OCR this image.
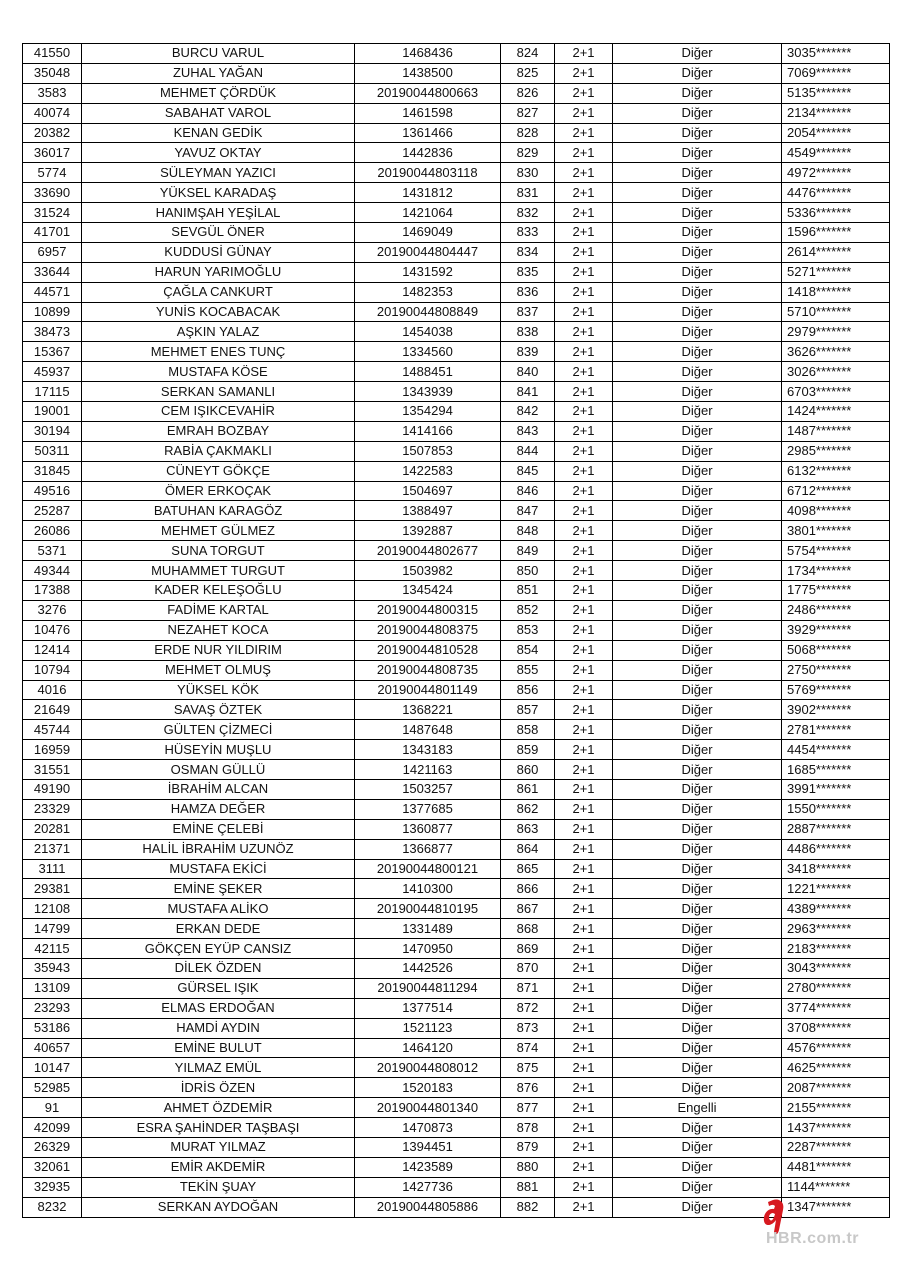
41550	BURCU VARUL	1468436	824	2+1	Diğer	3035*******
35048	ZUHAL YAĞAN	1438500	825	2+1	Diğer	7069*******
3583	MEHMET ÇÖRDÜK	20190044800663	826	2+1	Diğer	5135*******
40074	SABAHAT VAROL	1461598	827	2+1	Diğer	2134*******
20382	KENAN GEDİK	1361466	828	2+1	Diğer	2054*******
36017	YAVUZ OKTAY	1442836	829	2+1	Diğer	4549*******
5774	SÜLEYMAN YAZICI	20190044803118	830	2+1	Diğer	4972*******
33690	YÜKSEL KARADAŞ	1431812	831	2+1	Diğer	4476*******
31524	HANIMŞAH YEŞİLAL	1421064	832	2+1	Diğer	5336*******
41701	SEVGÜL ÖNER	1469049	833	2+1	Diğer	1596*******
6957	KUDDUSİ GÜNAY	20190044804447	834	2+1	Diğer	2614*******
33644	HARUN YARIMOĞLU	1431592	835	2+1	Diğer	5271*******
44571	ÇAĞLA CANKURT	1482353	836	2+1	Diğer	1418*******
10899	YUNİS KOCABACAK	20190044808849	837	2+1	Diğer	5710*******
38473	AŞKIN YALAZ	1454038	838	2+1	Diğer	2979*******
15367	MEHMET ENES TUNÇ	1334560	839	2+1	Diğer	3626*******
45937	MUSTAFA KÖSE	1488451	840	2+1	Diğer	3026*******
17115	SERKAN SAMANLI	1343939	841	2+1	Diğer	6703*******
19001	CEM IŞIKCEVAHİR	1354294	842	2+1	Diğer	1424*******
30194	EMRAH BOZBAY	1414166	843	2+1	Diğer	1487*******
50311	RABİA ÇAKMAKLI	1507853	844	2+1	Diğer	2985*******
31845	CÜNEYT GÖKÇE	1422583	845	2+1	Diğer	6132*******
49516	ÖMER ERKOÇAK	1504697	846	2+1	Diğer	6712*******
25287	BATUHAN KARAGÖZ	1388497	847	2+1	Diğer	4098*******
26086	MEHMET GÜLMEZ	1392887	848	2+1	Diğer	3801*******
5371	SUNA TORGUT	20190044802677	849	2+1	Diğer	5754*******
49344	MUHAMMET TURGUT	1503982	850	2+1	Diğer	1734*******
17388	KADER KELEŞOĞLU	1345424	851	2+1	Diğer	1775*******
3276	FADİME KARTAL	20190044800315	852	2+1	Diğer	2486*******
10476	NEZAHET KOCA	20190044808375	853	2+1	Diğer	3929*******
12414	ERDE NUR YILDIRIM	20190044810528	854	2+1	Diğer	5068*******
10794	MEHMET OLMUŞ	20190044808735	855	2+1	Diğer	2750*******
4016	YÜKSEL KÖK	20190044801149	856	2+1	Diğer	5769*******
21649	SAVAŞ ÖZTEK	1368221	857	2+1	Diğer	3902*******
45744	GÜLTEN ÇİZMECİ	1487648	858	2+1	Diğer	2781*******
16959	HÜSEYİN MUŞLU	1343183	859	2+1	Diğer	4454*******
31551	OSMAN GÜLLÜ	1421163	860	2+1	Diğer	1685*******
49190	İBRAHİM ALCAN	1503257	861	2+1	Diğer	3991*******
23329	HAMZA DEĞER	1377685	862	2+1	Diğer	1550*******
20281	EMİNE ÇELEBİ	1360877	863	2+1	Diğer	2887*******
21371	HALİL İBRAHİM UZUNÖZ	1366877	864	2+1	Diğer	4486*******
3111	MUSTAFA EKİCİ	20190044800121	865	2+1	Diğer	3418*******
29381	EMİNE ŞEKER	1410300	866	2+1	Diğer	1221*******
12108	MUSTAFA ALİKO	20190044810195	867	2+1	Diğer	4389*******
14799	ERKAN DEDE	1331489	868	2+1	Diğer	2963*******
42115	GÖKÇEN EYÜP CANSIZ	1470950	869	2+1	Diğer	2183*******
35943	DİLEK ÖZDEN	1442526	870	2+1	Diğer	3043*******
13109	GÜRSEL IŞIK	20190044811294	871	2+1	Diğer	2780*******
23293	ELMAS ERDOĞAN	1377514	872	2+1	Diğer	3774*******
53186	HAMDİ AYDIN	1521123	873	2+1	Diğer	3708*******
40657	EMİNE BULUT	1464120	874	2+1	Diğer	4576*******
10147	YILMAZ EMÜL	20190044808012	875	2+1	Diğer	4625*******
52985	İDRİS ÖZEN	1520183	876	2+1	Diğer	2087*******
91	AHMET ÖZDEMİR	20190044801340	877	2+1	Engelli	2155*******
42099	ESRA ŞAHİNDER TAŞBAŞI	1470873	878	2+1	Diğer	1437*******
26329	MURAT YILMAZ	1394451	879	2+1	Diğer	2287*******
32061	EMİR AKDEMİR	1423589	880	2+1	Diğer	4481*******
32935	TEKİN ŞUAY	1427736	881	2+1	Diğer	1144*******
8232	SERKAN AYDOĞAN	20190044805886	882	2+1	Diğer	1347*******
HBR.com.tr
